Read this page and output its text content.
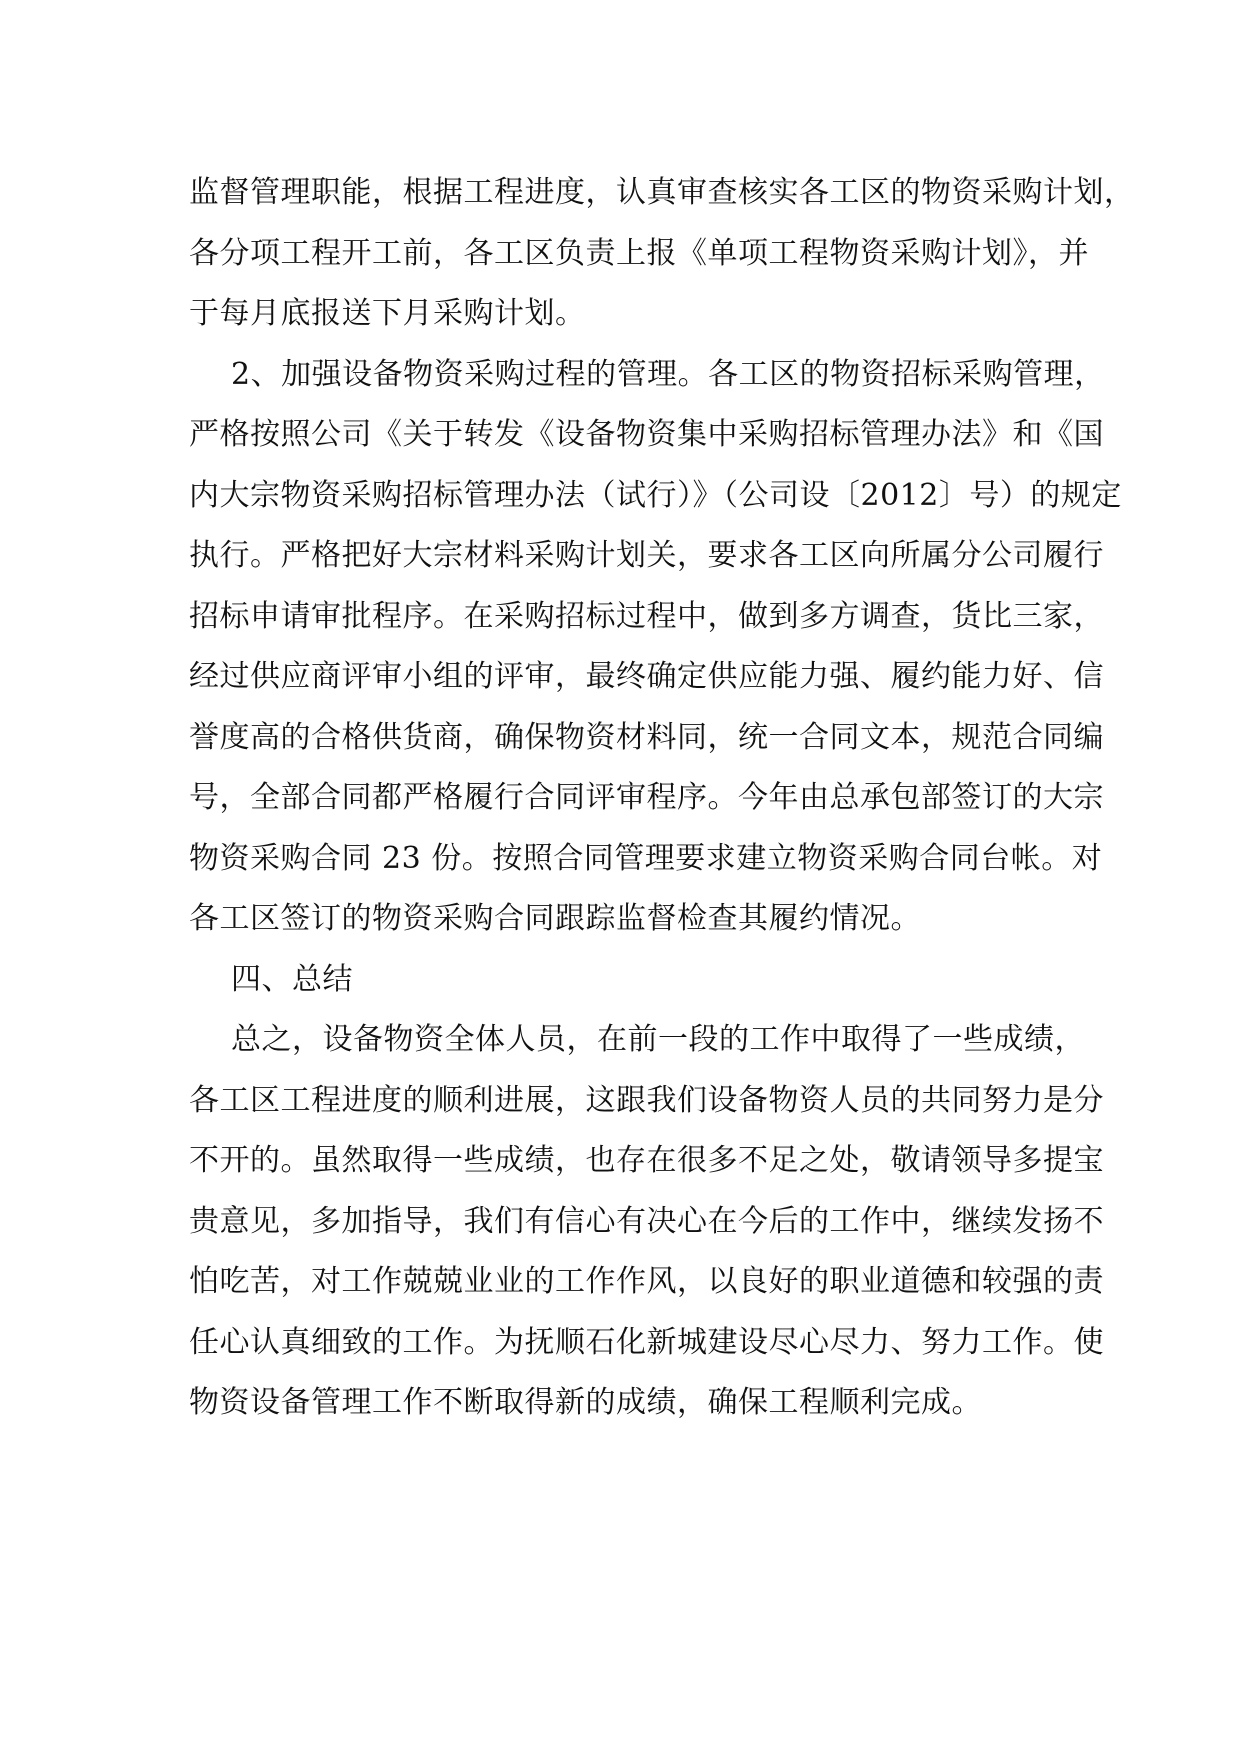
监督管理职能，根据工程进度，认真审查核实各工区的物资采购计划，
各分项工程开工前，各工区负责上报《单项工程物资采购计划》，并
于每月底报送下月采购计划。

2、加强设备物资采购过程的管理。各工区的物资招标采购管理，
严格按照公司《关于转发《设备物资集中采购招标管理办法》和《国
内大宗物资采购招标管理办法（试行）》（公司设〔2012〕号）的规定
执行。严格把好大宗材料采购计划关，要求各工区向所属分公司履行
招标申请审批程序。在采购招标过程中，做到多方调查，货比三家，
经过供应商评审小组的评审，最终确定供应能力强、履约能力好、信
誉度高的合格供货商，确保物资材料同，统一合同文本，规范合同编
号，全部合同都严格履行合同评审程序。今年由总承包部签订的大宗
物资采购合同 23 份。按照合同管理要求建立物资采购合同台帐。对
各工区签订的物资采购合同跟踪监督检查其履约情况。

四、总结

总之，设备物资全体人员，在前一段的工作中取得了一些成绩，
各工区工程进度的顺利进展，这跟我们设备物资人员的共同努力是分
不开的。虽然取得一些成绩，也存在很多不足之处，敬请领导多提宝
贵意见，多加指导，我们有信心有决心在今后的工作中，继续发扬不
怕吃苦，对工作兢兢业业的工作作风，以良好的职业道德和较强的责
任心认真细致的工作。为抚顺石化新城建设尽心尽力、努力工作。使
物资设备管理工作不断取得新的成绩，确保工程顺利完成。
